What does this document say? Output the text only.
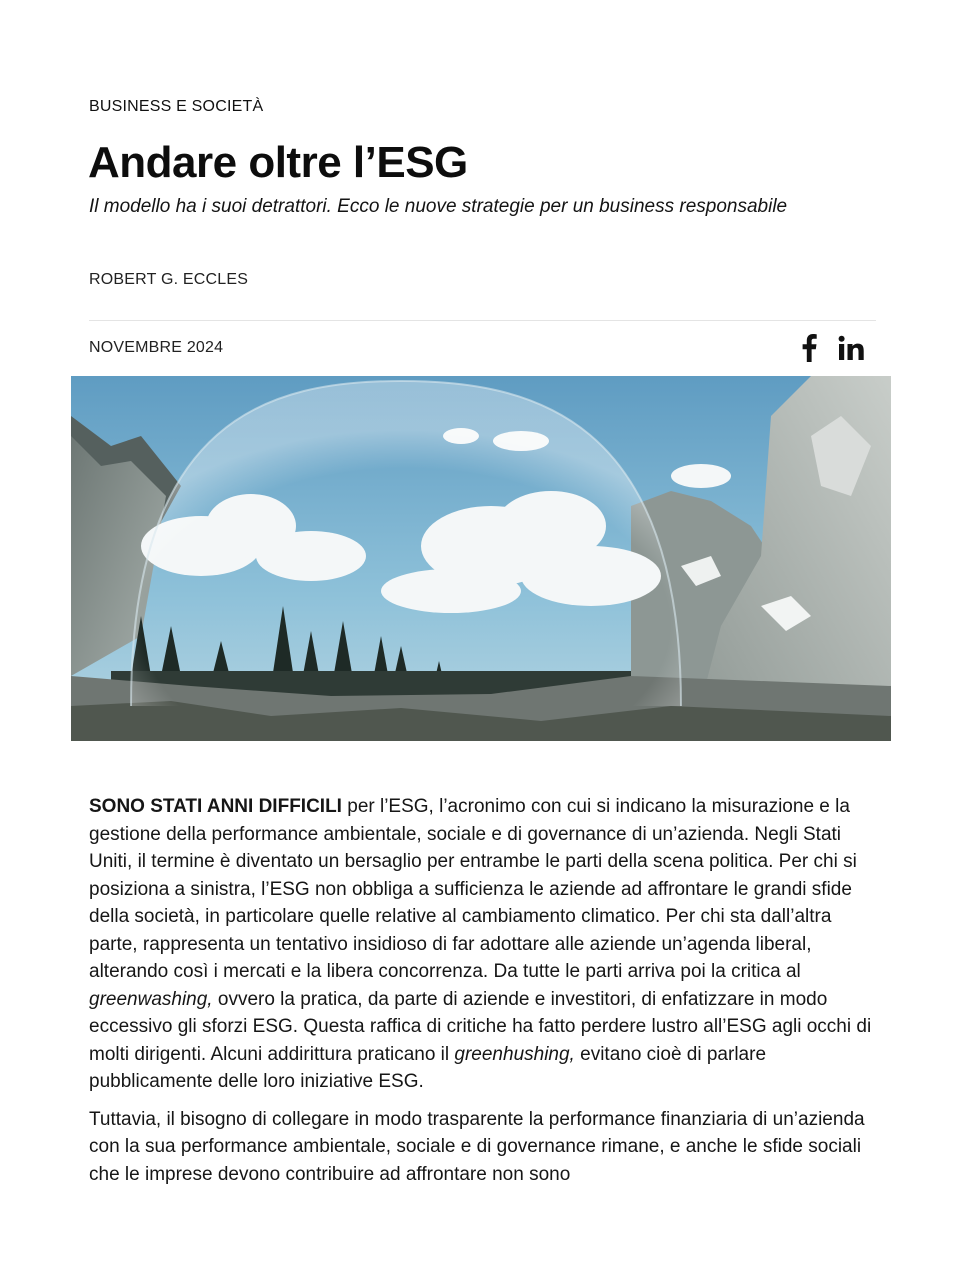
BUSINESS E SOCIETÀ
Andare oltre l’ESG
Il modello ha i suoi detrattori. Ecco le nuove strategie per un business responsabile
ROBERT G. ECCLES
NOVEMBRE 2024

SONO STATI ANNI DIFFICILI per l’ESG, l’acronimo con cui si indicano la misurazione e la gestione della performance ambientale, sociale e di governance di un’azienda. Negli Stati Uniti, il termine è diventato un bersaglio per entrambe le parti della scena politica. Per chi si posiziona a sinistra, l’ESG non obbliga a sufficienza le aziende ad affrontare le grandi sfide della società, in particolare quelle relative al cambiamento climatico. Per chi sta dall’altra parte, rappresenta un tentativo insidioso di far adottare alle aziende un’agenda liberal, alterando così i mercati e la libera concorrenza. Da tutte le parti arriva poi la critica al greenwashing, ovvero la pratica, da parte di aziende e investitori, di enfatizzare in modo eccessivo gli sforzi ESG. Questa raffica di critiche ha fatto perdere lustro all’ESG agli occhi di molti dirigenti. Alcuni addirittura praticano il greenhushing, evitano cioè di parlare pubblicamente delle loro iniziative ESG.

Tuttavia, il bisogno di collegare in modo trasparente la performance finanziaria di un’azienda con la sua performance ambientale, sociale e di governance rimane, e anche le sfide sociali che le imprese devono contribuire ad affrontare non sono
